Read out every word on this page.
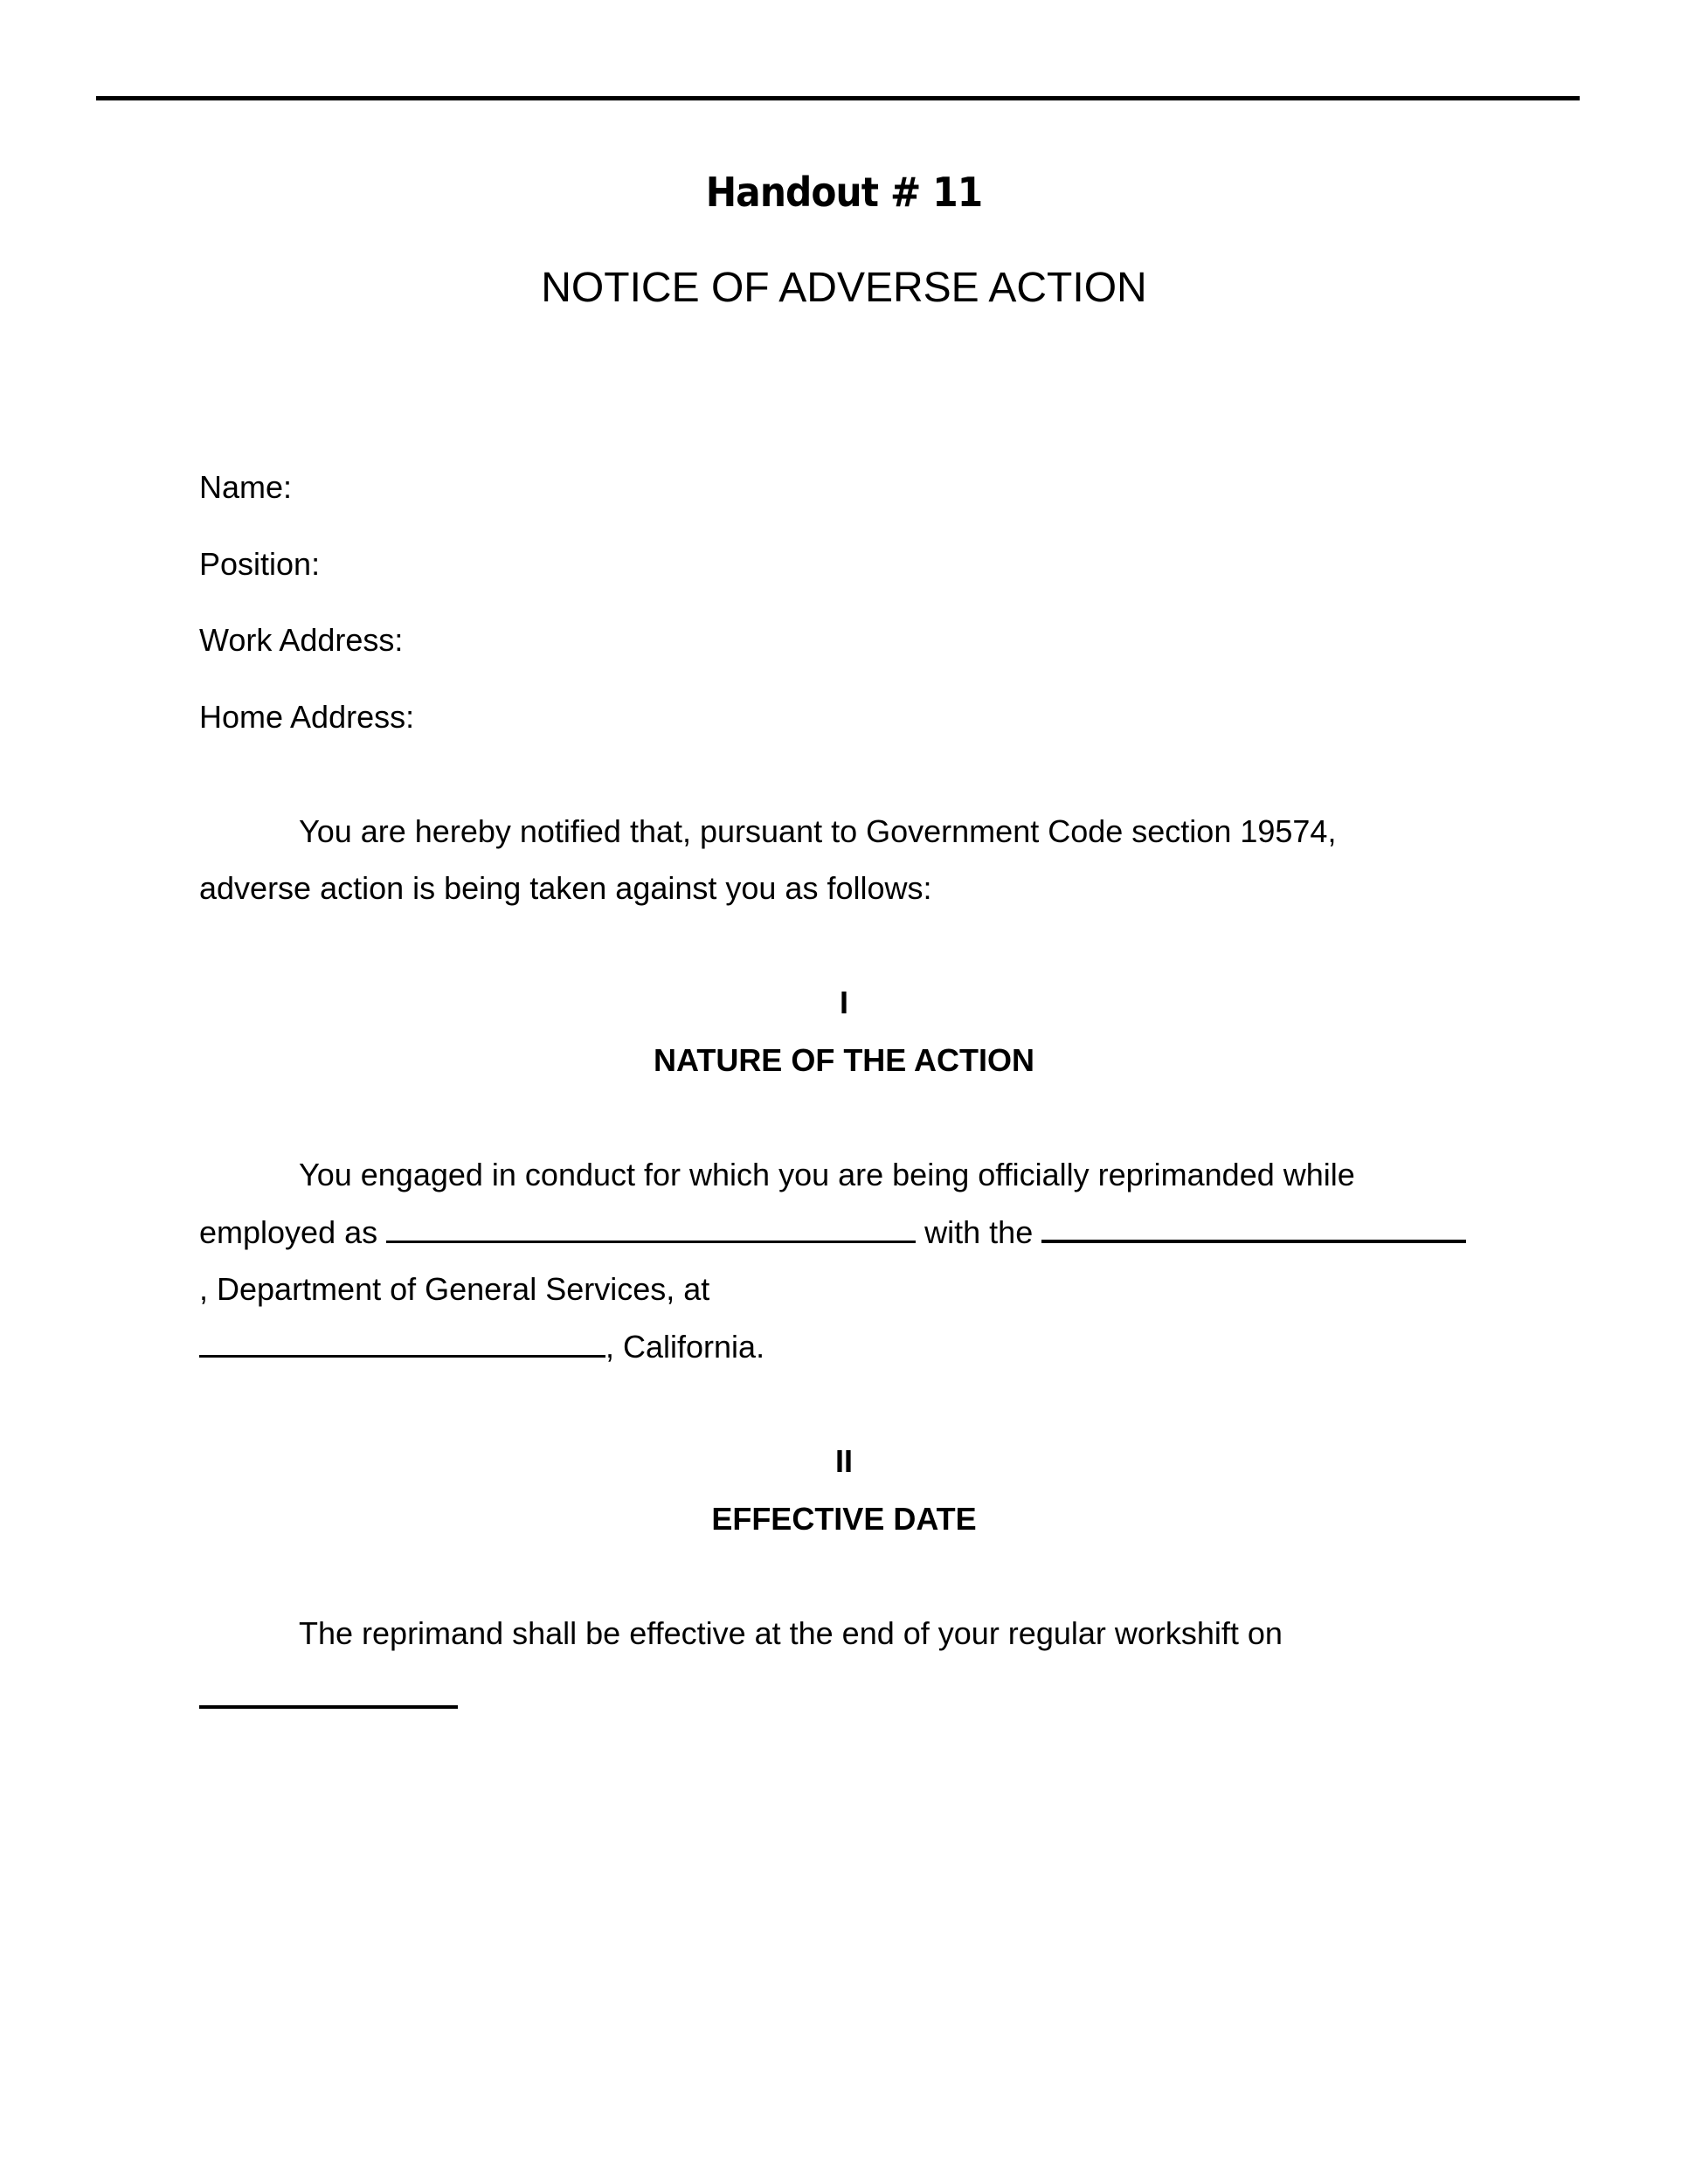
Handout # 11
NOTICE OF ADVERSE ACTION
Name:
Position:
Work Address:
Home Address:
You are hereby notified that, pursuant to Government Code section 19574,
adverse action is being taken against you as follows:
I
NATURE OF THE ACTION
You engaged in conduct for which you are being officially reprimanded while
employed as	with the
, Department of General Services, at
, California.
II
EFFECTIVE DATE
The reprimand shall be effective at the end of your regular workshift on
